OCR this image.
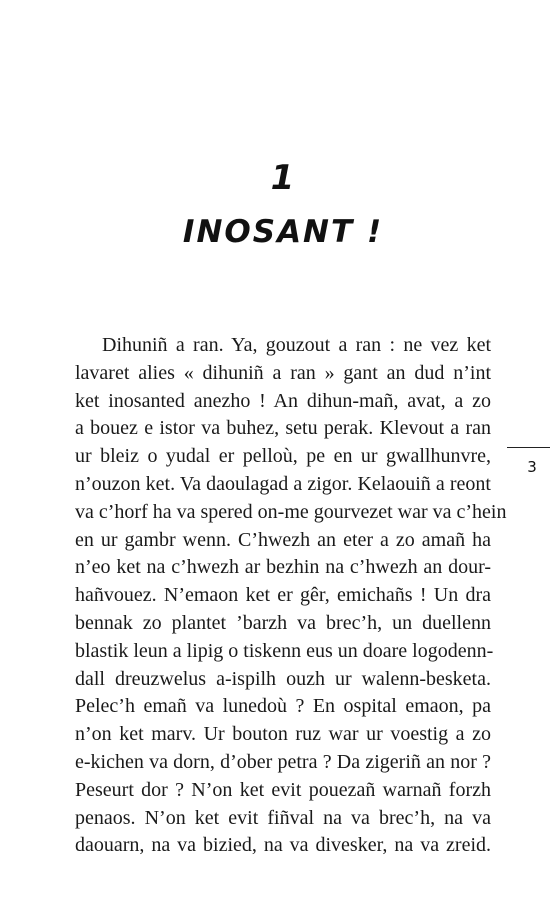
1
INOSANT !
3

Dihuniñ a ran. Ya, gouzout a ran : ne vez ket
lavaret alies « dihuniñ a ran » gant an dud n’int
ket inosanted anezho ! An dihun-mañ, avat, a zo
a bouez e istor va buhez, setu perak. Klevout a ran
ur bleiz o yudal er pelloù, pe en ur gwallhunvre,
n’ouzon ket. Va daoulagad a zigor. Kelaouiñ a reont
va c’horf ha va spered on-me gourvezet war va c’hein
en ur gambr wenn. C’hwezh an eter a zo amañ ha
n’eo ket na c’hwezh ar bezhin na c’hwezh an dour-
hañvouez. N’emaon ket er gêr, emichañs ! Un dra
bennak zo plantet ’barzh va brec’h, un duellenn
blastik leun a lipig o tiskenn eus un doare logodenn-
dall dreuzwelus a-ispilh ouzh ur walenn-besketa.
Pelec’h emañ va lunedoù ? En ospital emaon, pa
n’on ket marv. Ur bouton ruz war ur voestig a zo
e-kichen va dorn, d’ober petra ? Da zigeriñ an nor ?
Peseurt dor ? N’on ket evit pouezañ warnañ forzh
penaos. N’on ket evit fiñval na va brec’h, na va
daouarn, na va bizied, na va divesker, na va zreid.
